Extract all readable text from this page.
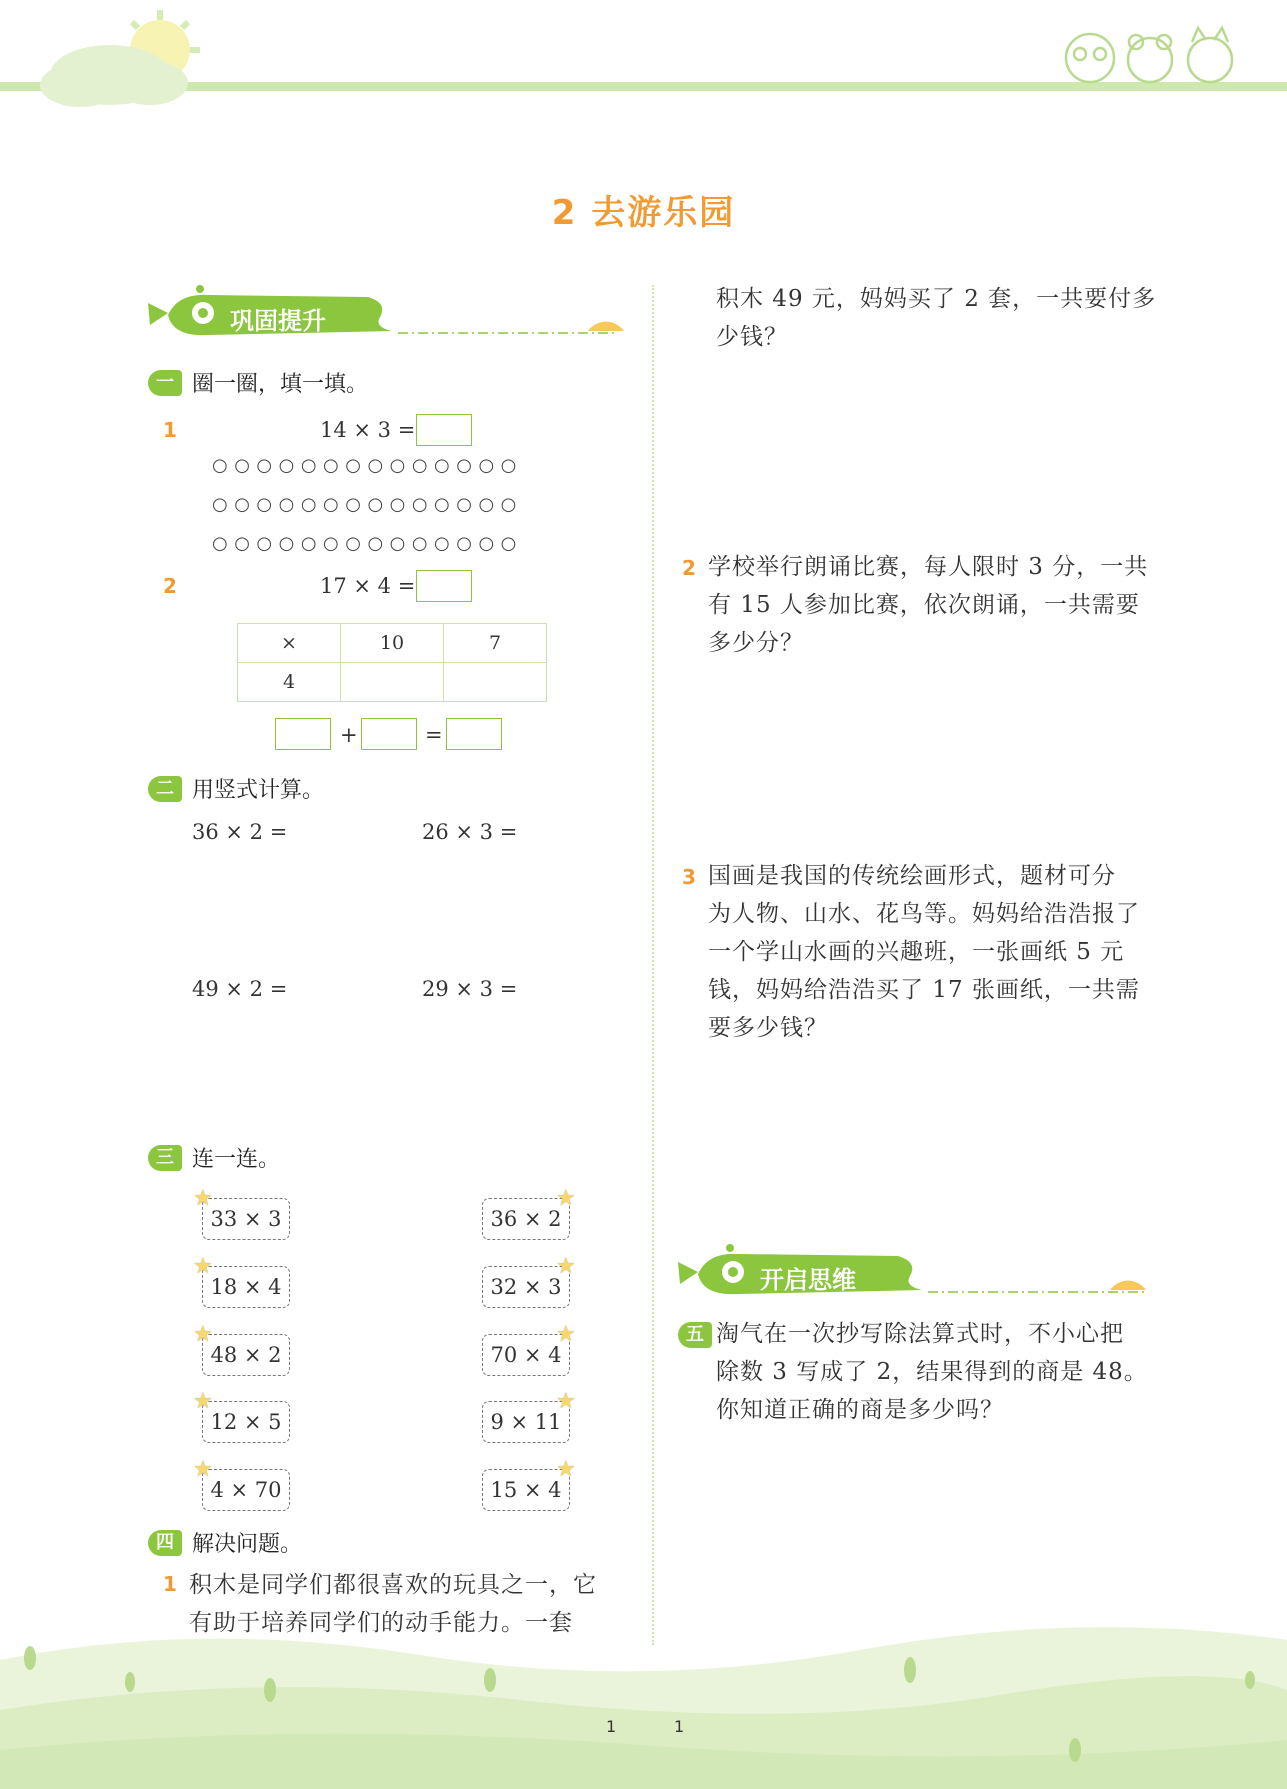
2 去游乐园
巩固提升
一 圈一圈，填一填。
1	14 × 3 =
○○○○○○○○○○○○○○
○○○○○○○○○○○○○○
○○○○○○○○○○○○○○
2	17 × 4 =
×	10	7
4		
+	=
二 用竖式计算。
36 × 2 =	26 × 3 =
49 × 2 =	29 × 3 =
三 连一连。
33 × 3
★
18 × 4
★
48 × 2
★
12 × 5
★
4 × 70
★
36 × 2
★
32 × 3
★
70 × 4
★
9 × 11
★
15 × 4
★
四 解决问题。
1 积木是同学们都很喜欢的玩具之一，它
有助于培养同学们的动手能力。一套
积木 49 元，妈妈买了 2 套，一共要付多
少钱？
2 学校举行朗诵比赛，每人限时 3 分，一共
有 15 人参加比赛，依次朗诵，一共需要
多少分？
3 国画是我国的传统绘画形式，题材可分
为人物、山水、花鸟等。妈妈给浩浩报了
一个学山水画的兴趣班，一张画纸 5 元
钱，妈妈给浩浩买了 17 张画纸，一共需
要多少钱？
开启思维
五 淘气在一次抄写除法算式时，不小心把
除数 3 写成了 2，结果得到的商是 48。
你知道正确的商是多少吗？
1	1
